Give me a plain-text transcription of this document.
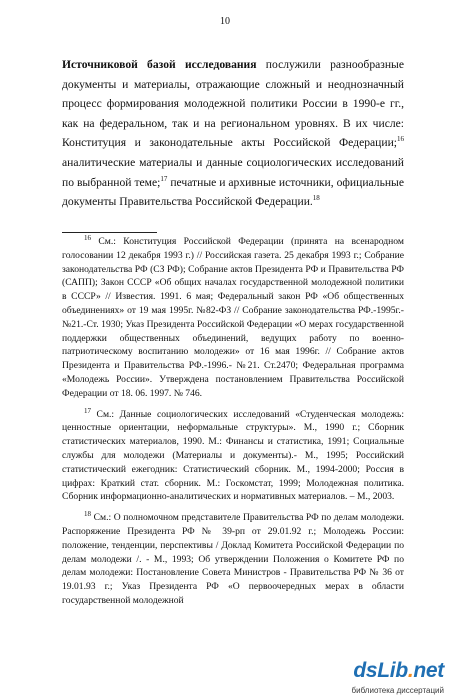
10

Источниковой базой исследования послужили разнообразные документы и материалы, отражающие сложный и неоднозначный процесс формирования молодежной политики России в 1990-е гг., как на федеральном, так и на региональном уровнях. В их числе: Конституция и законодательные акты Российской Федерации;$^{16}$ аналитические материалы и данные социологических исследований по выбранной теме;$^{17}$ печатные и архивные источники, официальные документы Правительства Российской Федерации.$^{18}$

$^{16}$ См.: Конституция Российской Федерации (принята на всенародном голосовании 12 декабря 1993 г.) // Российская газета. 25 декабря 1993 г.; Собрание законодательства РФ (СЗ РФ); Собрание актов Президента РФ и Правительства РФ (САПП); Закон СССР «Об общих началах государственной молодежной политики в СССР» // Известия. 1991. 6 мая; Федеральный закон РФ «Об общественных объединениях» от 19 мая 1995г. №82-ФЗ // Собрание законодательства РФ.-1995г.- №21.-Ст. 1930; Указ Президента Российской Федерации «О мерах государственной поддержки общественных объединений, ведущих работу по военно-патриотическому воспитанию молодежи» от 16 мая 1996г. // Собрание актов Президента и Правительства РФ.-1996.- №21. Ст.2470; Федеральная программа «Молодежь России». Утверждена постановлением Правительства Российской Федерации от 18. 06. 1997. № 746.

$^{17}$ См.: Данные социологических исследований «Студенческая молодежь: ценностные ориентации, неформальные структуры». М., 1990 г.; Сборник статистических материалов, 1990. М.: Финансы и статистика, 1991; Социальные службы для молодежи (Материалы и документы).- М., 1995; Российский статистический ежегодник: Статистический сборник. М., 1994-2000; Россия в цифрах: Краткий стат. сборник. М.: Госкомстат, 1999; Молодежная политика. Сборник информационно-аналитических и нормативных материалов. – М., 2003.

$^{18}$ См.: О полномочном представителе Правительства РФ по делам молодежи. Распоряжение Президента РФ № 39-рп от 29.01.92 г.; Молодежь России: положение, тенденции, перспективы / Доклад Комитета Российской Федерации по делам молодежи /. - М., 1993; Об утверждении Положения о Комитете РФ по делам молодежи: Постановление Совета Министров - Правительства РФ № 36 от 19.01.93 г.; Указ Президента РФ «О первоочередных мерах в области государственной молодежной

dsLib.net
библиотека диссертаций
